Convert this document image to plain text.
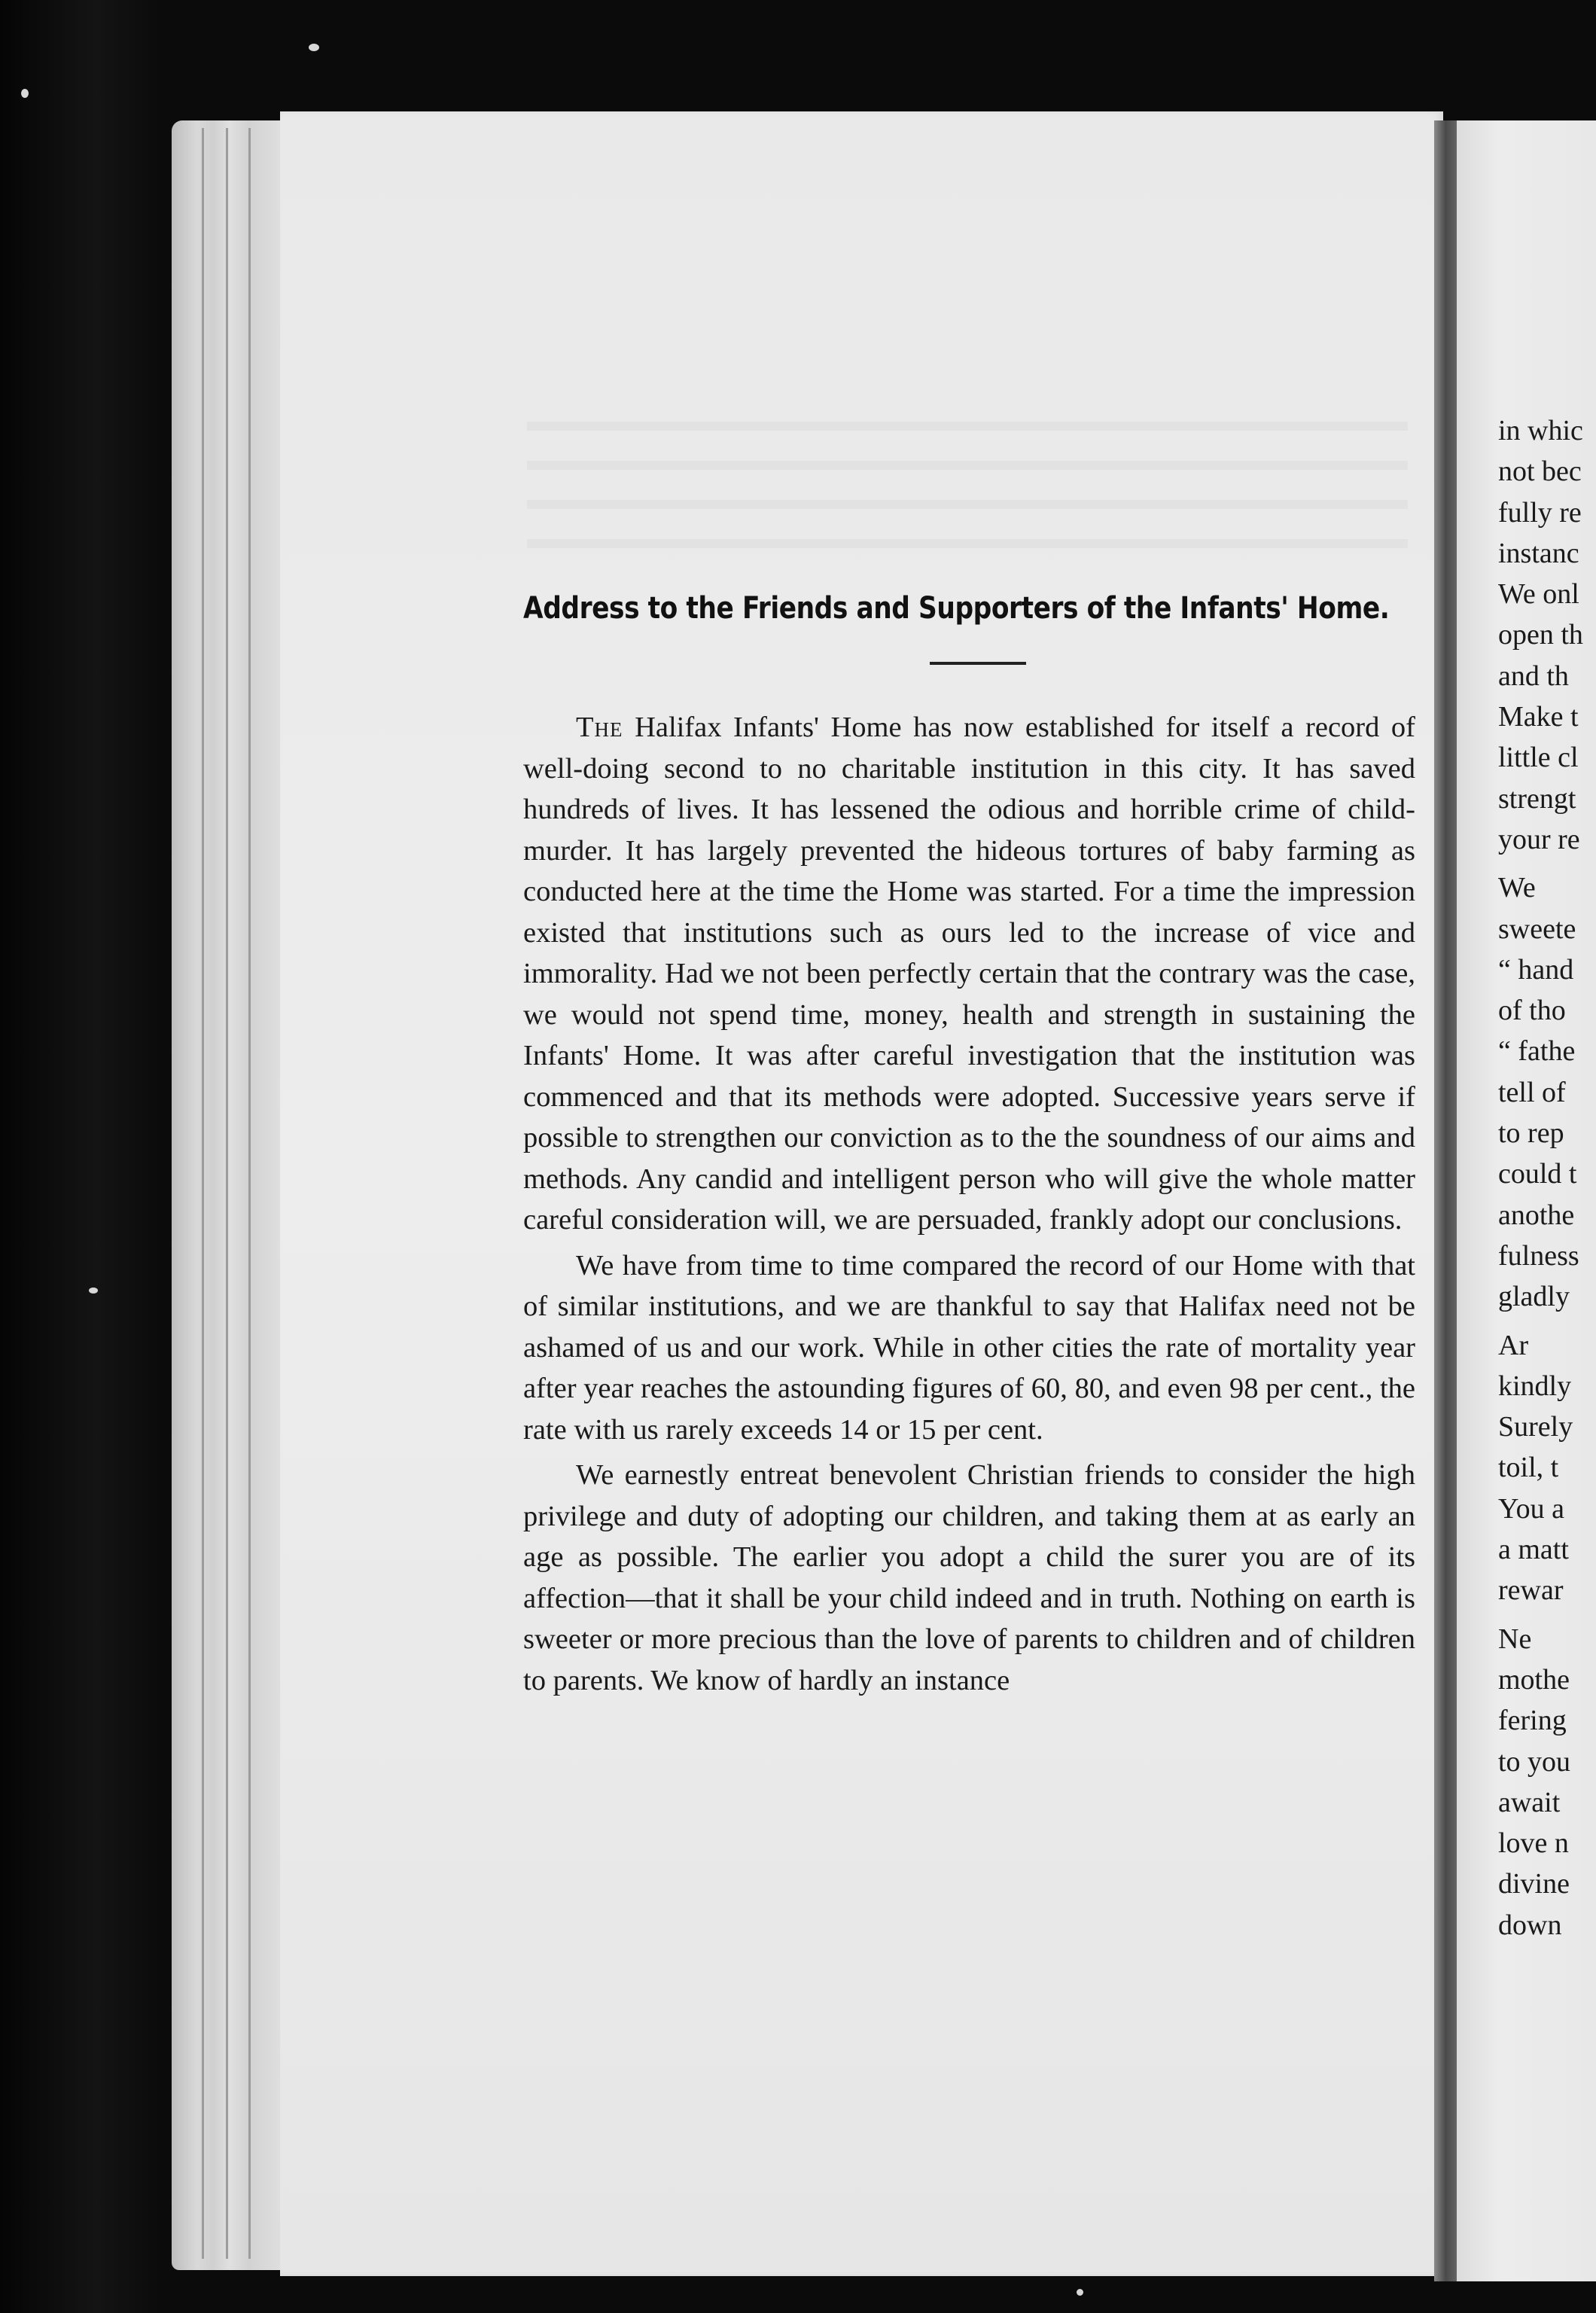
Address to the Friends and Supporters of the Infants' Home.

The Halifax Infants' Home has now established for itself a record of well-doing second to no charitable institution in this city. It has saved hundreds of lives. It has lessened the odious and horrible crime of child-murder. It has largely prevented the hideous tortures of baby farming as conducted here at the time the Home was started. For a time the impression existed that institutions such as ours led to the increase of vice and immorality. Had we not been perfectly certain that the contrary was the case, we would not spend time, money, health and strength in sustaining the Infants' Home. It was after careful investigation that the institution was commenced and that its methods were adopted. Successive years serve if possible to strengthen our conviction as to the the soundness of our aims and methods. Any candid and intelligent person who will give the whole matter careful consideration will, we are persuaded, frankly adopt our conclusions.

We have from time to time compared the record of our Home with that of similar institutions, and we are thankful to say that Halifax need not be ashamed of us and our work. While in other cities the rate of mortality year after year reaches the astounding figures of 60, 80, and even 98 per cent., the rate with us rarely exceeds 14 or 15 per cent.

We earnestly entreat benevolent Christian friends to consider the high privilege and duty of adopting our children, and taking them at as early an age as possible. The earlier you adopt a child the surer you are of its affection—that it shall be your child indeed and in truth. Nothing on earth is sweeter or more precious than the love of parents to children and of children to parents. We know of hardly an instance

in whic
not bec
fully re
instanc
We onl
open th
and th
Make t
little cl
strengt
your re
We
sweete
“ hand
of tho
“ fathe
tell of
to rep
could t
anothe
fulness
gladly
Ar
kindly
Surely
toil, t
You a
a matt
rewar
Ne
mothe
fering
to you
await
love n
divine
down
